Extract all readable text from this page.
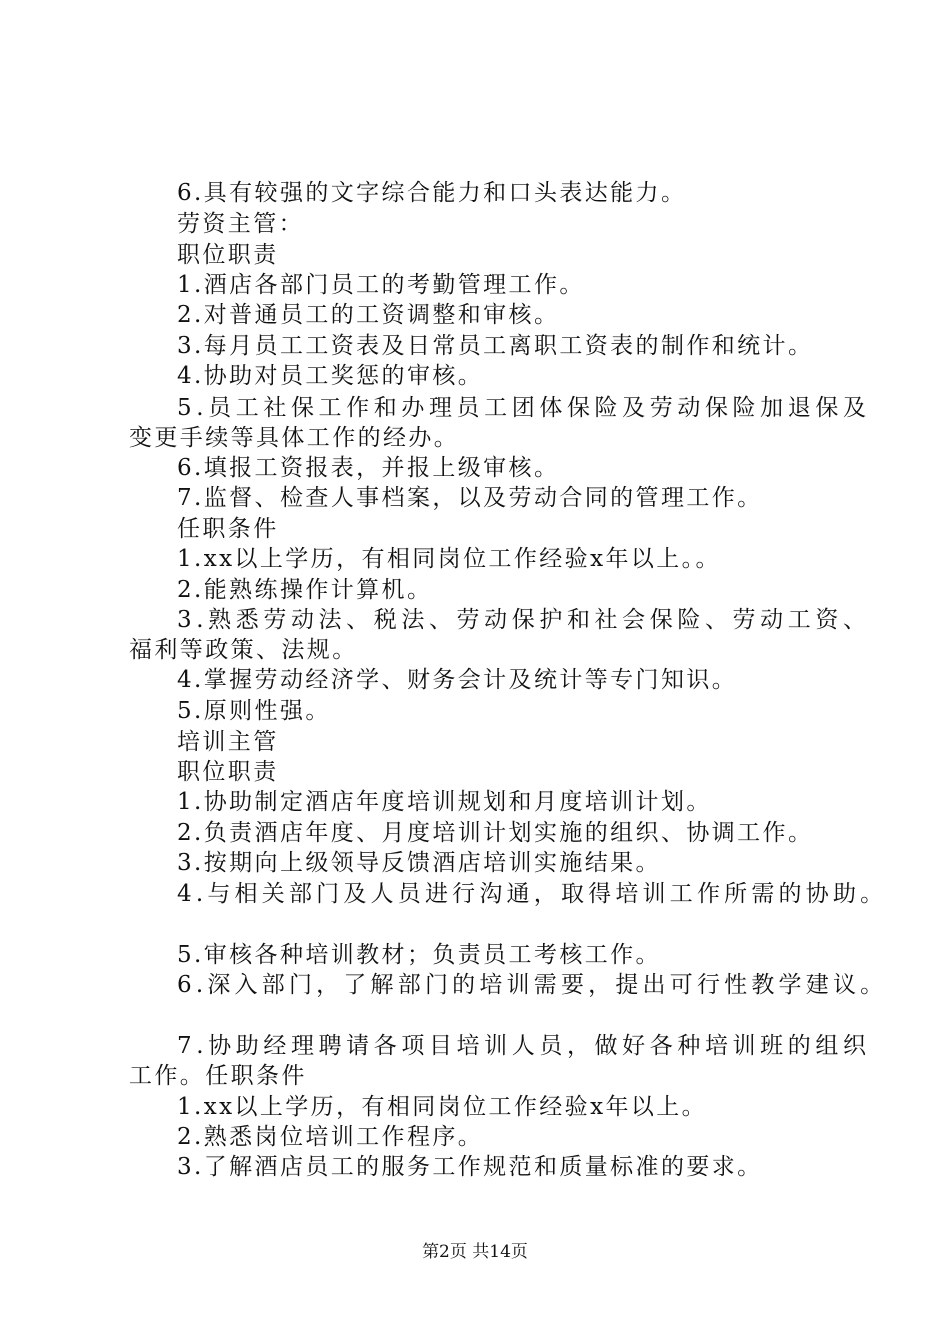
6.具有较强的文字综合能力和口头表达能力。
劳资主管：
职位职责
1.酒店各部门员工的考勤管理工作。
2.对普通员工的工资调整和审核。
3.每月员工工资表及日常员工离职工资表的制作和统计。
4.协助对员工奖惩的审核。
5.员工社保工作和办理员工团体保险及劳动保险加退保及
变更手续等具体工作的经办。
6.填报工资报表，并报上级审核。
7.监督、检查人事档案，以及劳动合同的管理工作。
任职条件
1.xx以上学历，有相同岗位工作经验x年以上。。
2.能熟练操作计算机。
3.熟悉劳动法、税法、劳动保护和社会保险、劳动工资、
福利等政策、法规。
4.掌握劳动经济学、财务会计及统计等专门知识。
5.原则性强。
培训主管
职位职责
1.协助制定酒店年度培训规划和月度培训计划。
2.负责酒店年度、月度培训计划实施的组织、协调工作。
3.按期向上级领导反馈酒店培训实施结果。
4.与相关部门及人员进行沟通，取得培训工作所需的协助。
5.审核各种培训教材；负责员工考核工作。
6.深入部门，了解部门的培训需要，提出可行性教学建议。
7.协助经理聘请各项目培训人员，做好各种培训班的组织
工作。任职条件
1.xx以上学历，有相同岗位工作经验x年以上。
2.熟悉岗位培训工作程序。
3.了解酒店员工的服务工作规范和质量标准的要求。
第2页 共14页
